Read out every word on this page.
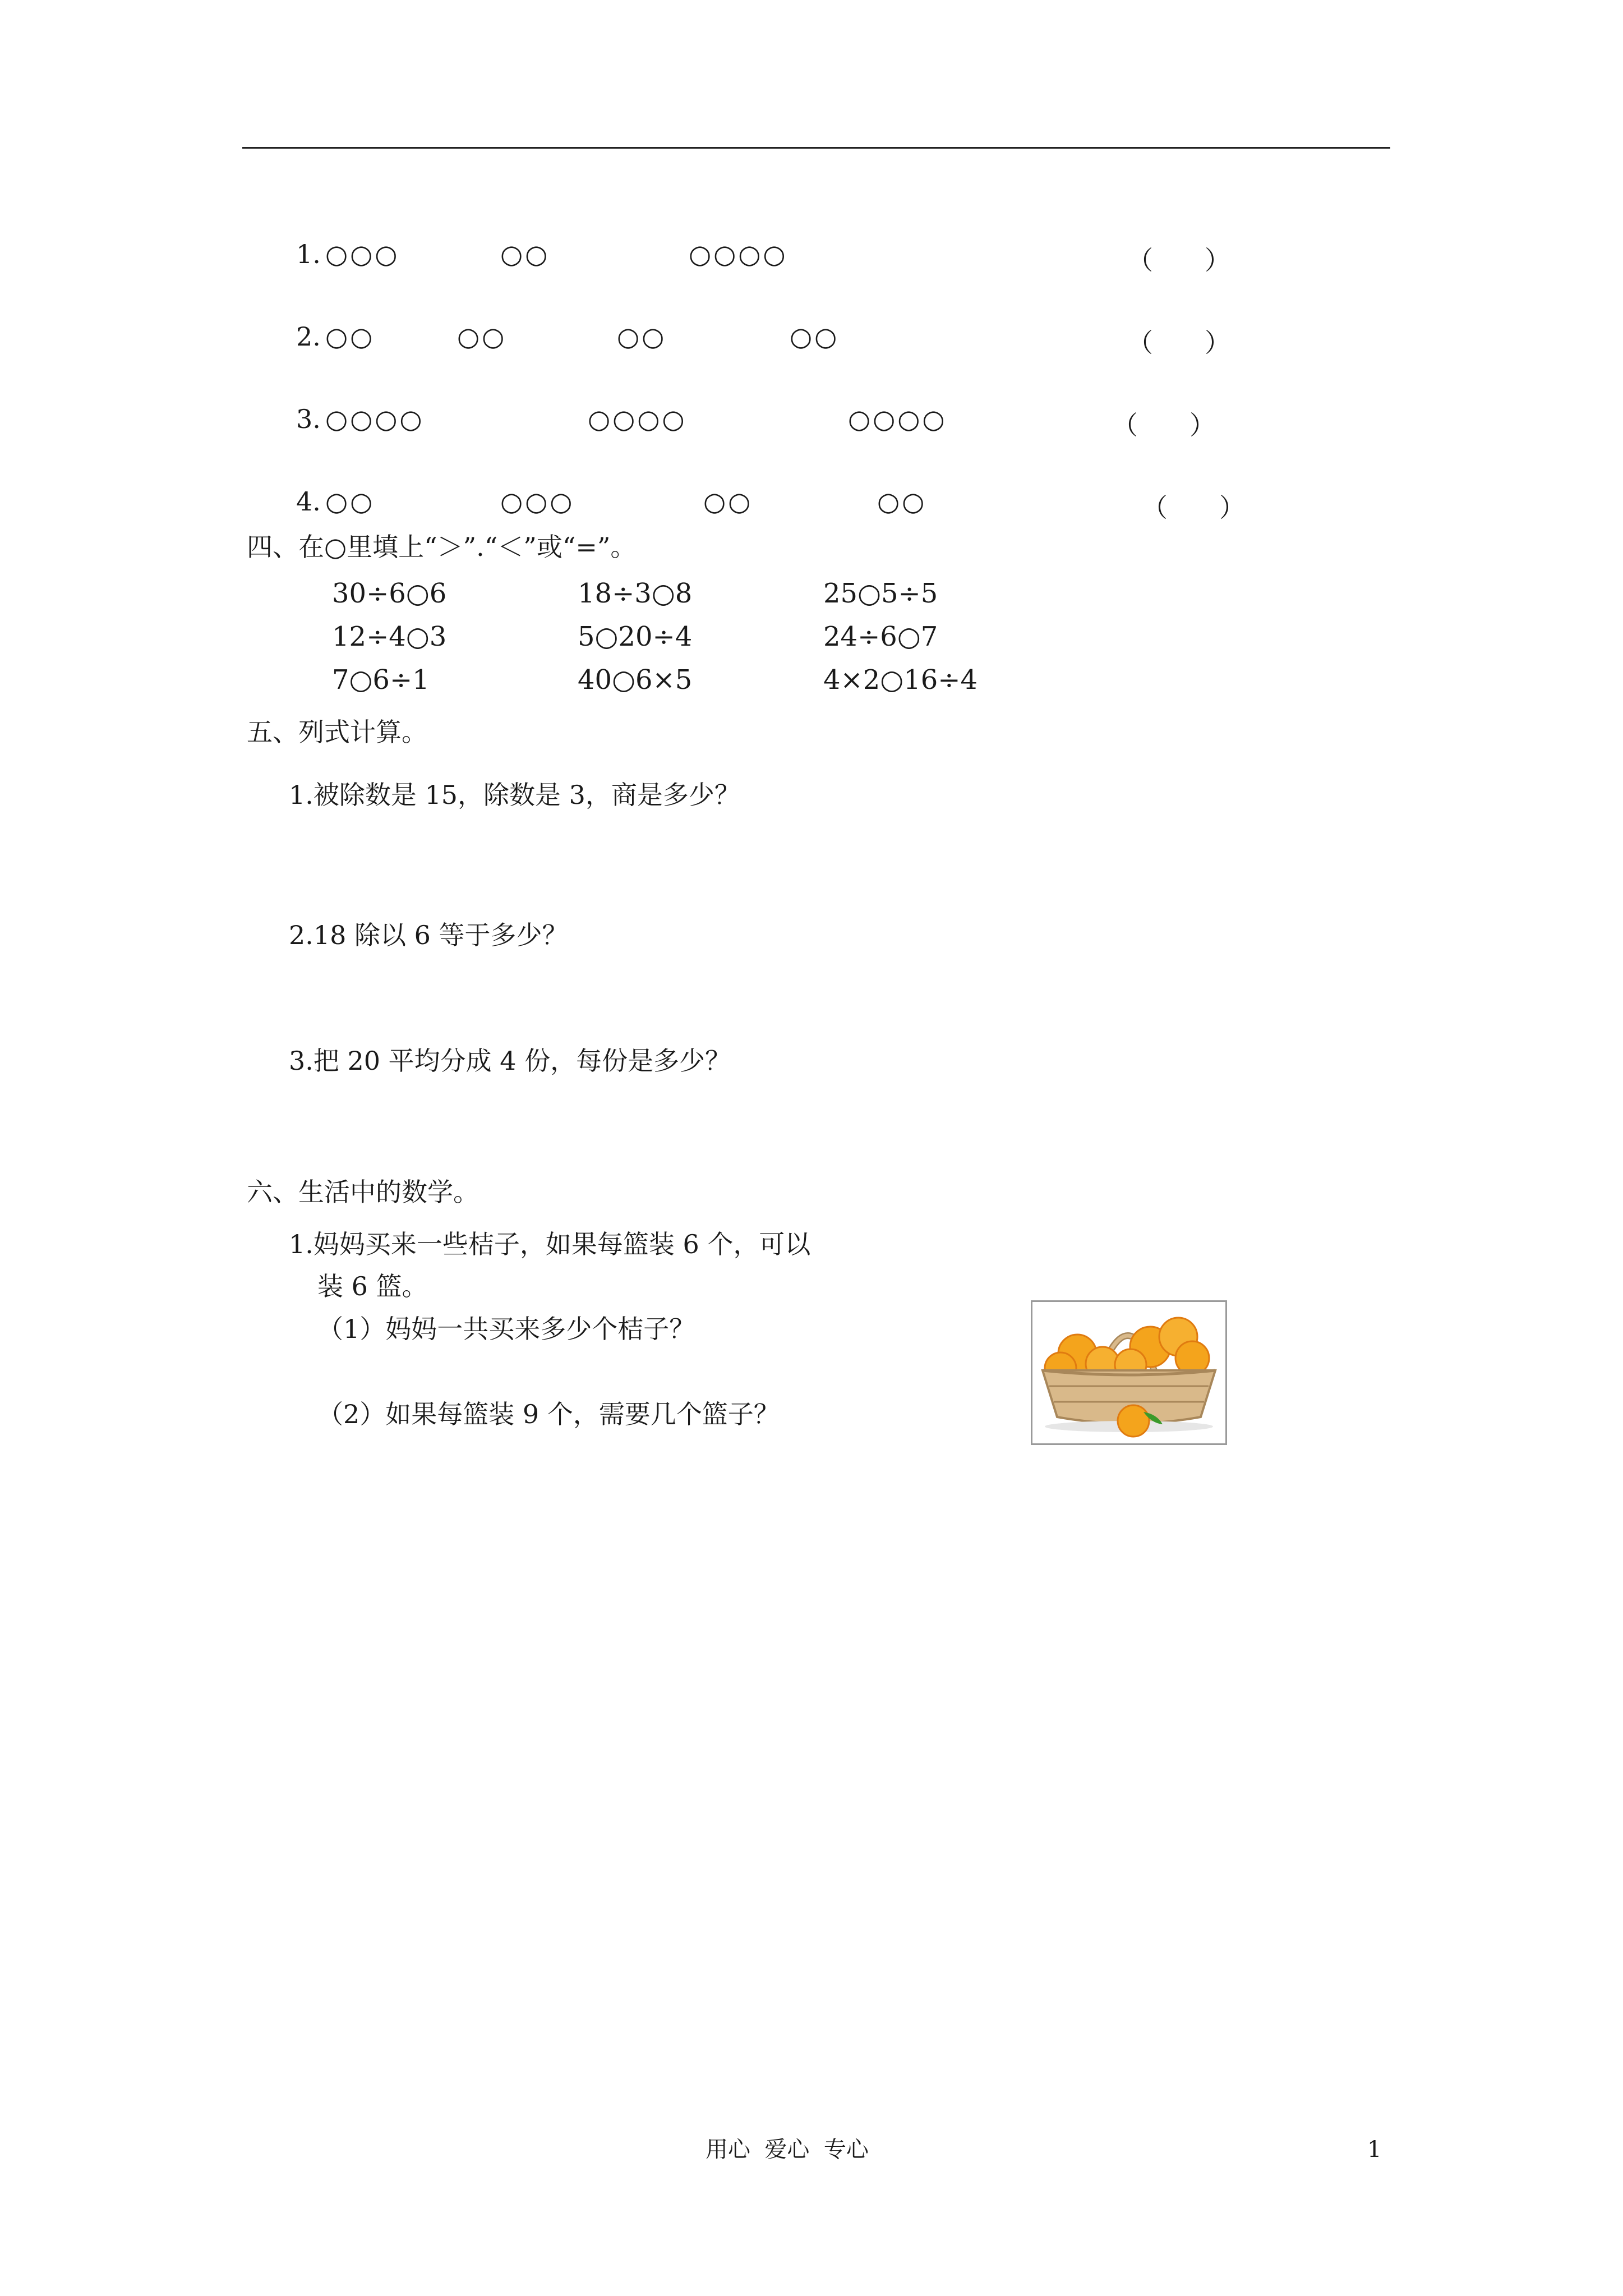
1. ○○○	○○	○○○○	（　　）
2. ○○	○○	○○	○○	（　　）
3. ○○○○	○○○○	○○○○	（　　）
4. ○○	○○○	○○	○○	（　　）
四、在○里填上“＞”.“＜”或“=”。
30÷6○6	18÷3○8	25○5÷5
12÷4○3	5○20÷4	24÷6○7
7○6÷1	40○6×5	4×2○16÷4
五、列式计算。
1.被除数是 15，除数是 3，商是多少？
2.18 除以 6 等于多少？
3.把 20 平均分成 4 份，每份是多少？
六、生活中的数学。
1.妈妈买来一些桔子，如果每篮装 6 个，可以
装 6 篮。
（1）妈妈一共买来多少个桔子？
（2）如果每篮装 9 个，需要几个篮子？
用心  爱心  专心	1
